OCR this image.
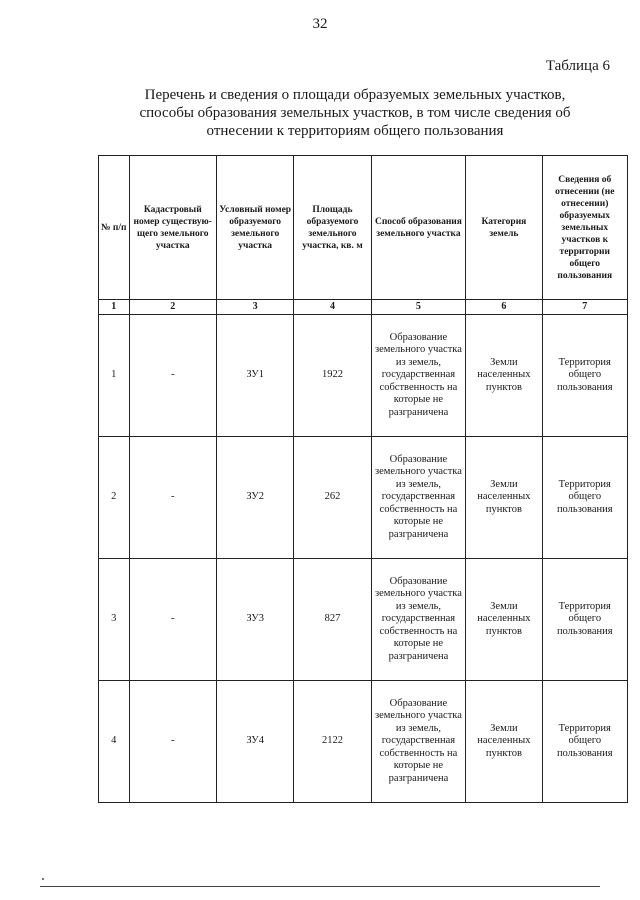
32
Таблица 6
Перечень и сведения о площади образуемых земельных участков,
способы образования земельных участков, в том числе сведения об
отнесении к территориям общего пользования
№ п/п	Кадастровый номер существую-щего земельного участка	Условный номер образуемого земельного участка	Площадь образуемого земельного участка, кв. м	Способ образования земельного участка	Категория земель	Сведения об отнесении (не отнесении) образуемых земельных участков к территории общего пользования
1	2	3	4	5	6	7
1	-	ЗУ1	1922	Образование земельного участка из земель, государственная собственность на которые не разграничена	Земли населенных пунктов	Территория общего пользования
2	-	ЗУ2	262	Образование земельного участка из земель, государственная собственность на которые не разграничена	Земли населенных пунктов	Территория общего пользования
3	-	ЗУ3	827	Образование земельного участка из земель, государственная собственность на которые не разграничена	Земли населенных пунктов	Территория общего пользования
4	-	ЗУ4	2122	Образование земельного участка из земель, государственная собственность на которые не разграничена	Земли населенных пунктов	Территория общего пользования
